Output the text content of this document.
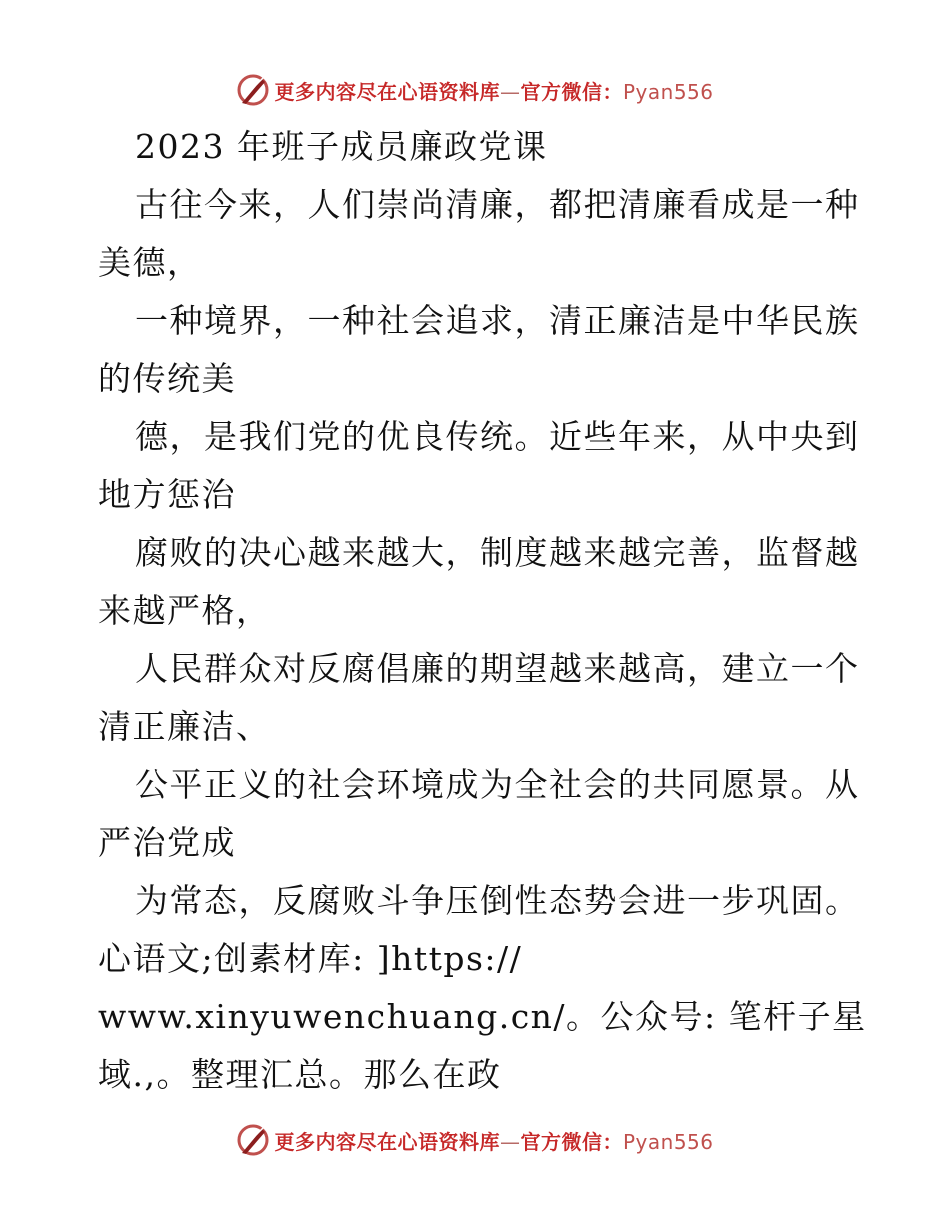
更多内容尽在心语资料库—官方微信：Pyan556
2023 年班子成员廉政党课
古往今来，人们崇尚清廉，都把清廉看成是一种
美德，
一种境界，一种社会追求，清正廉洁是中华民族
的传统美
德，是我们党的优良传统。近些年来，从中央到
地方惩治
腐败的决心越来越大，制度越来越完善，监督越
来越严格，
人民群众对反腐倡廉的期望越来越高，建立一个
清正廉洁、
公平正义的社会环境成为全社会的共同愿景。从
严治党成
为常态，反腐败斗争压倒性态势会进一步巩固。
心语文;创素材库: ]https://
www.xinyuwenchuang.cn/。公众号: 笔杆子星
域.,。整理汇总。那么在政
更多内容尽在心语资料库—官方微信：Pyan556
